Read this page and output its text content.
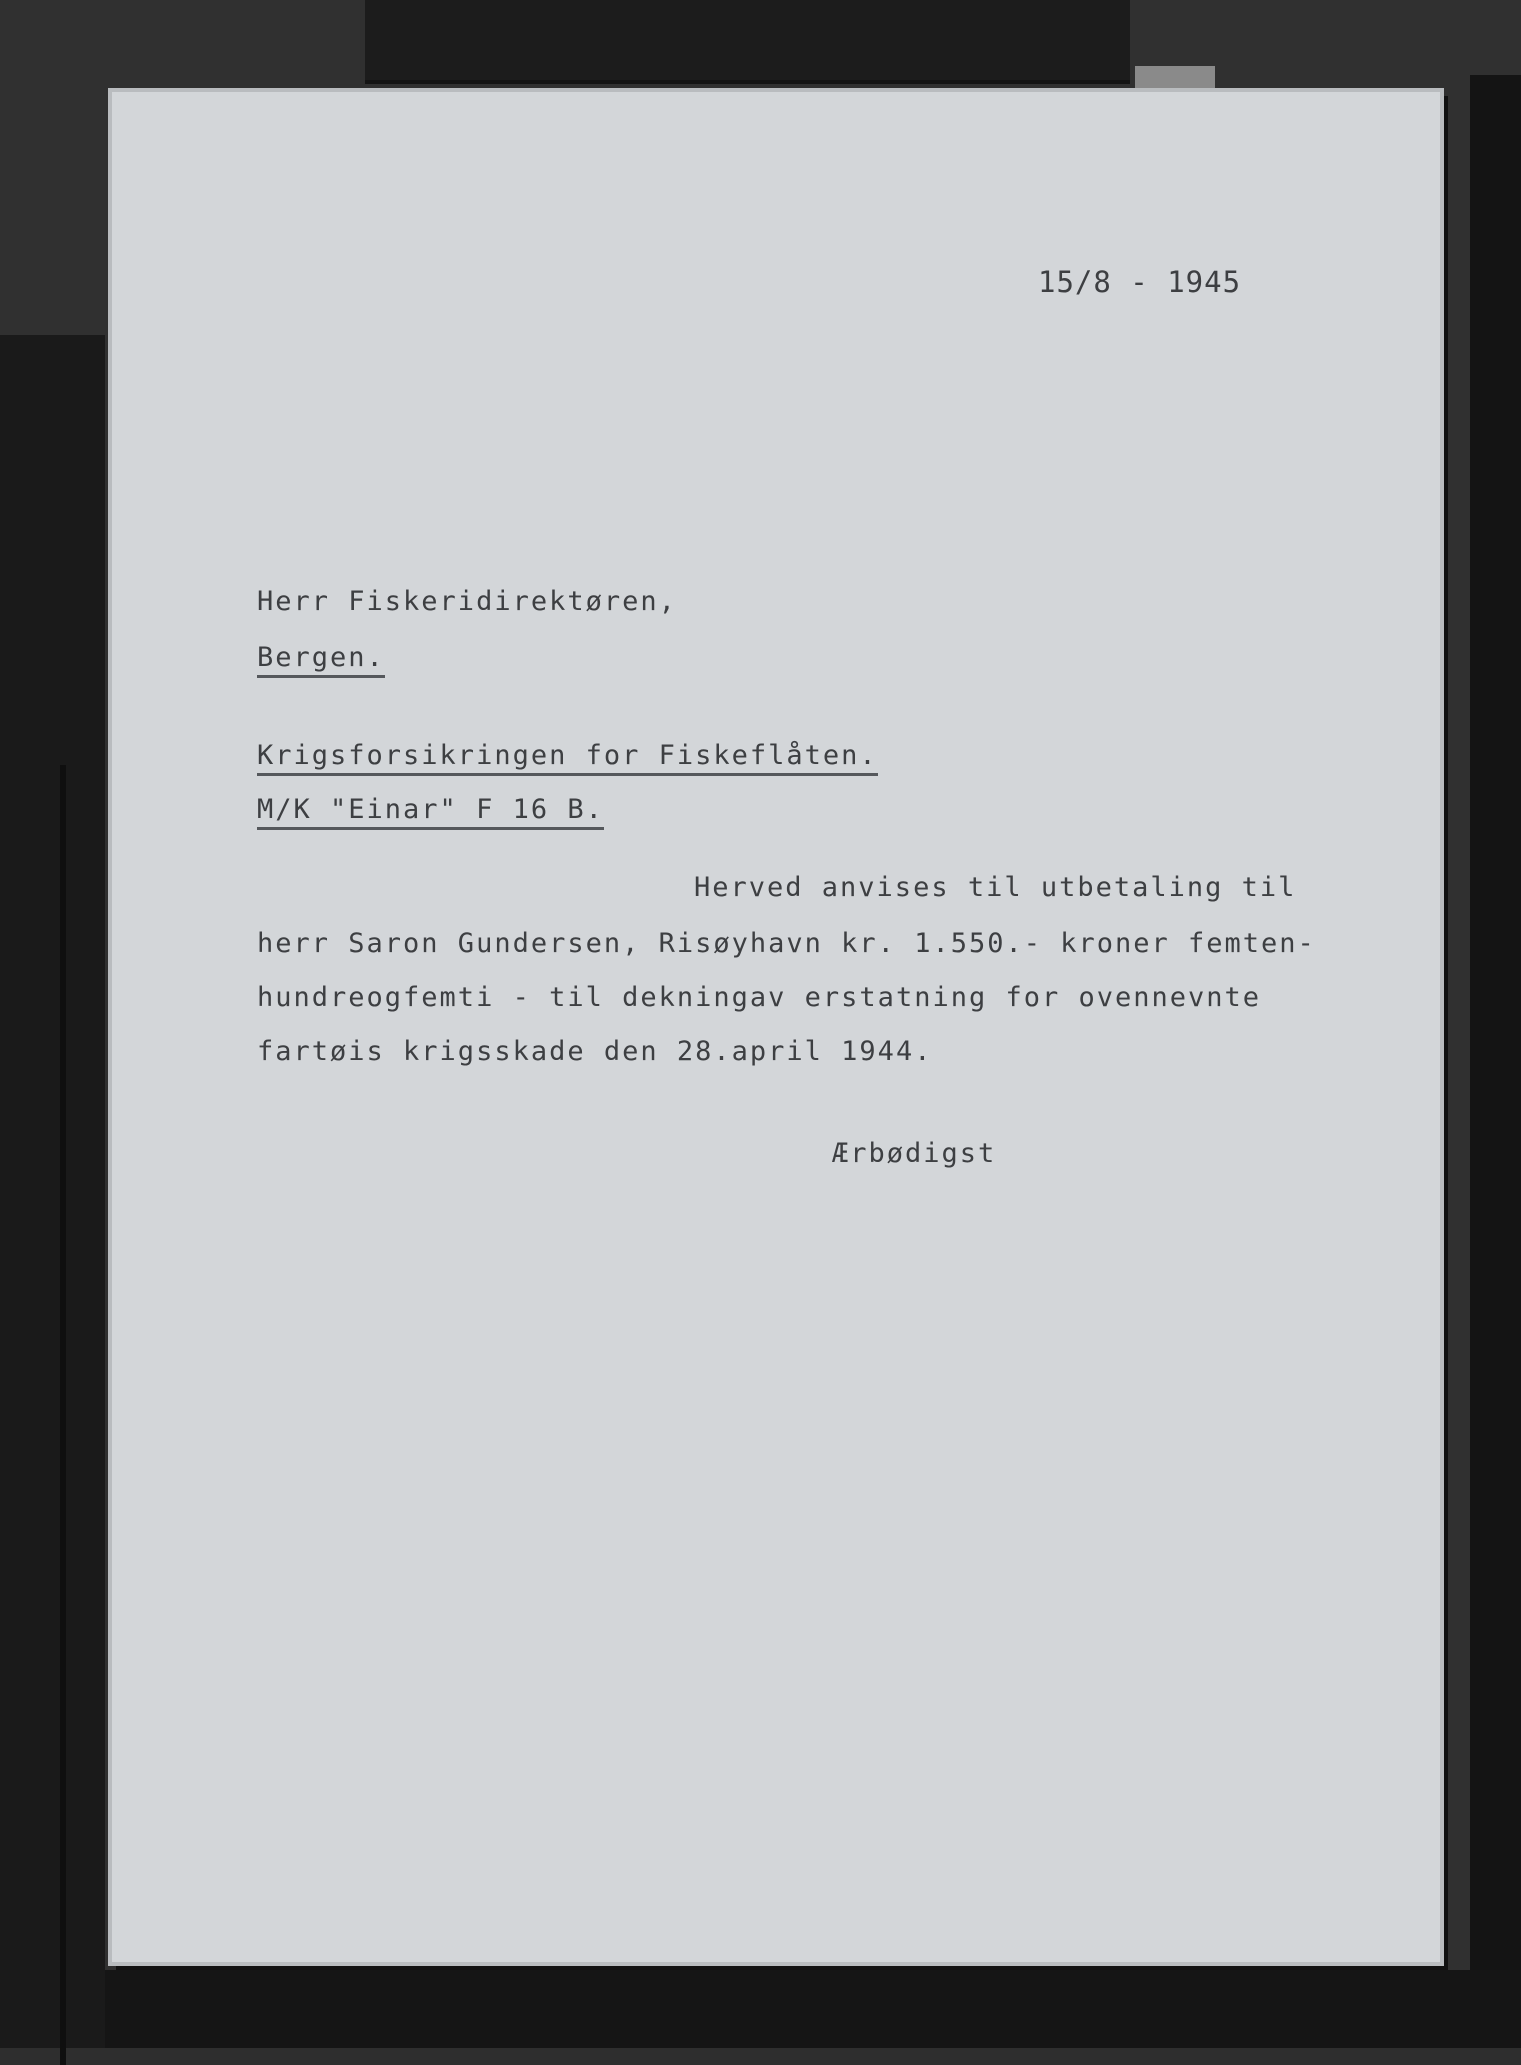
15/8 - 1945
Herr Fiskeridirektøren,
Bergen.
Krigsforsikringen for Fiskeflåten.
M/K "Einar" F 16 B.
Herved anvises til utbetaling til
herr Saron Gundersen, Risøyhavn kr. 1.550.- kroner femten-
hundreogfemti - til dekningav erstatning for ovennevnte
fartøis krigsskade den 28.april 1944.
Ærbødigst
